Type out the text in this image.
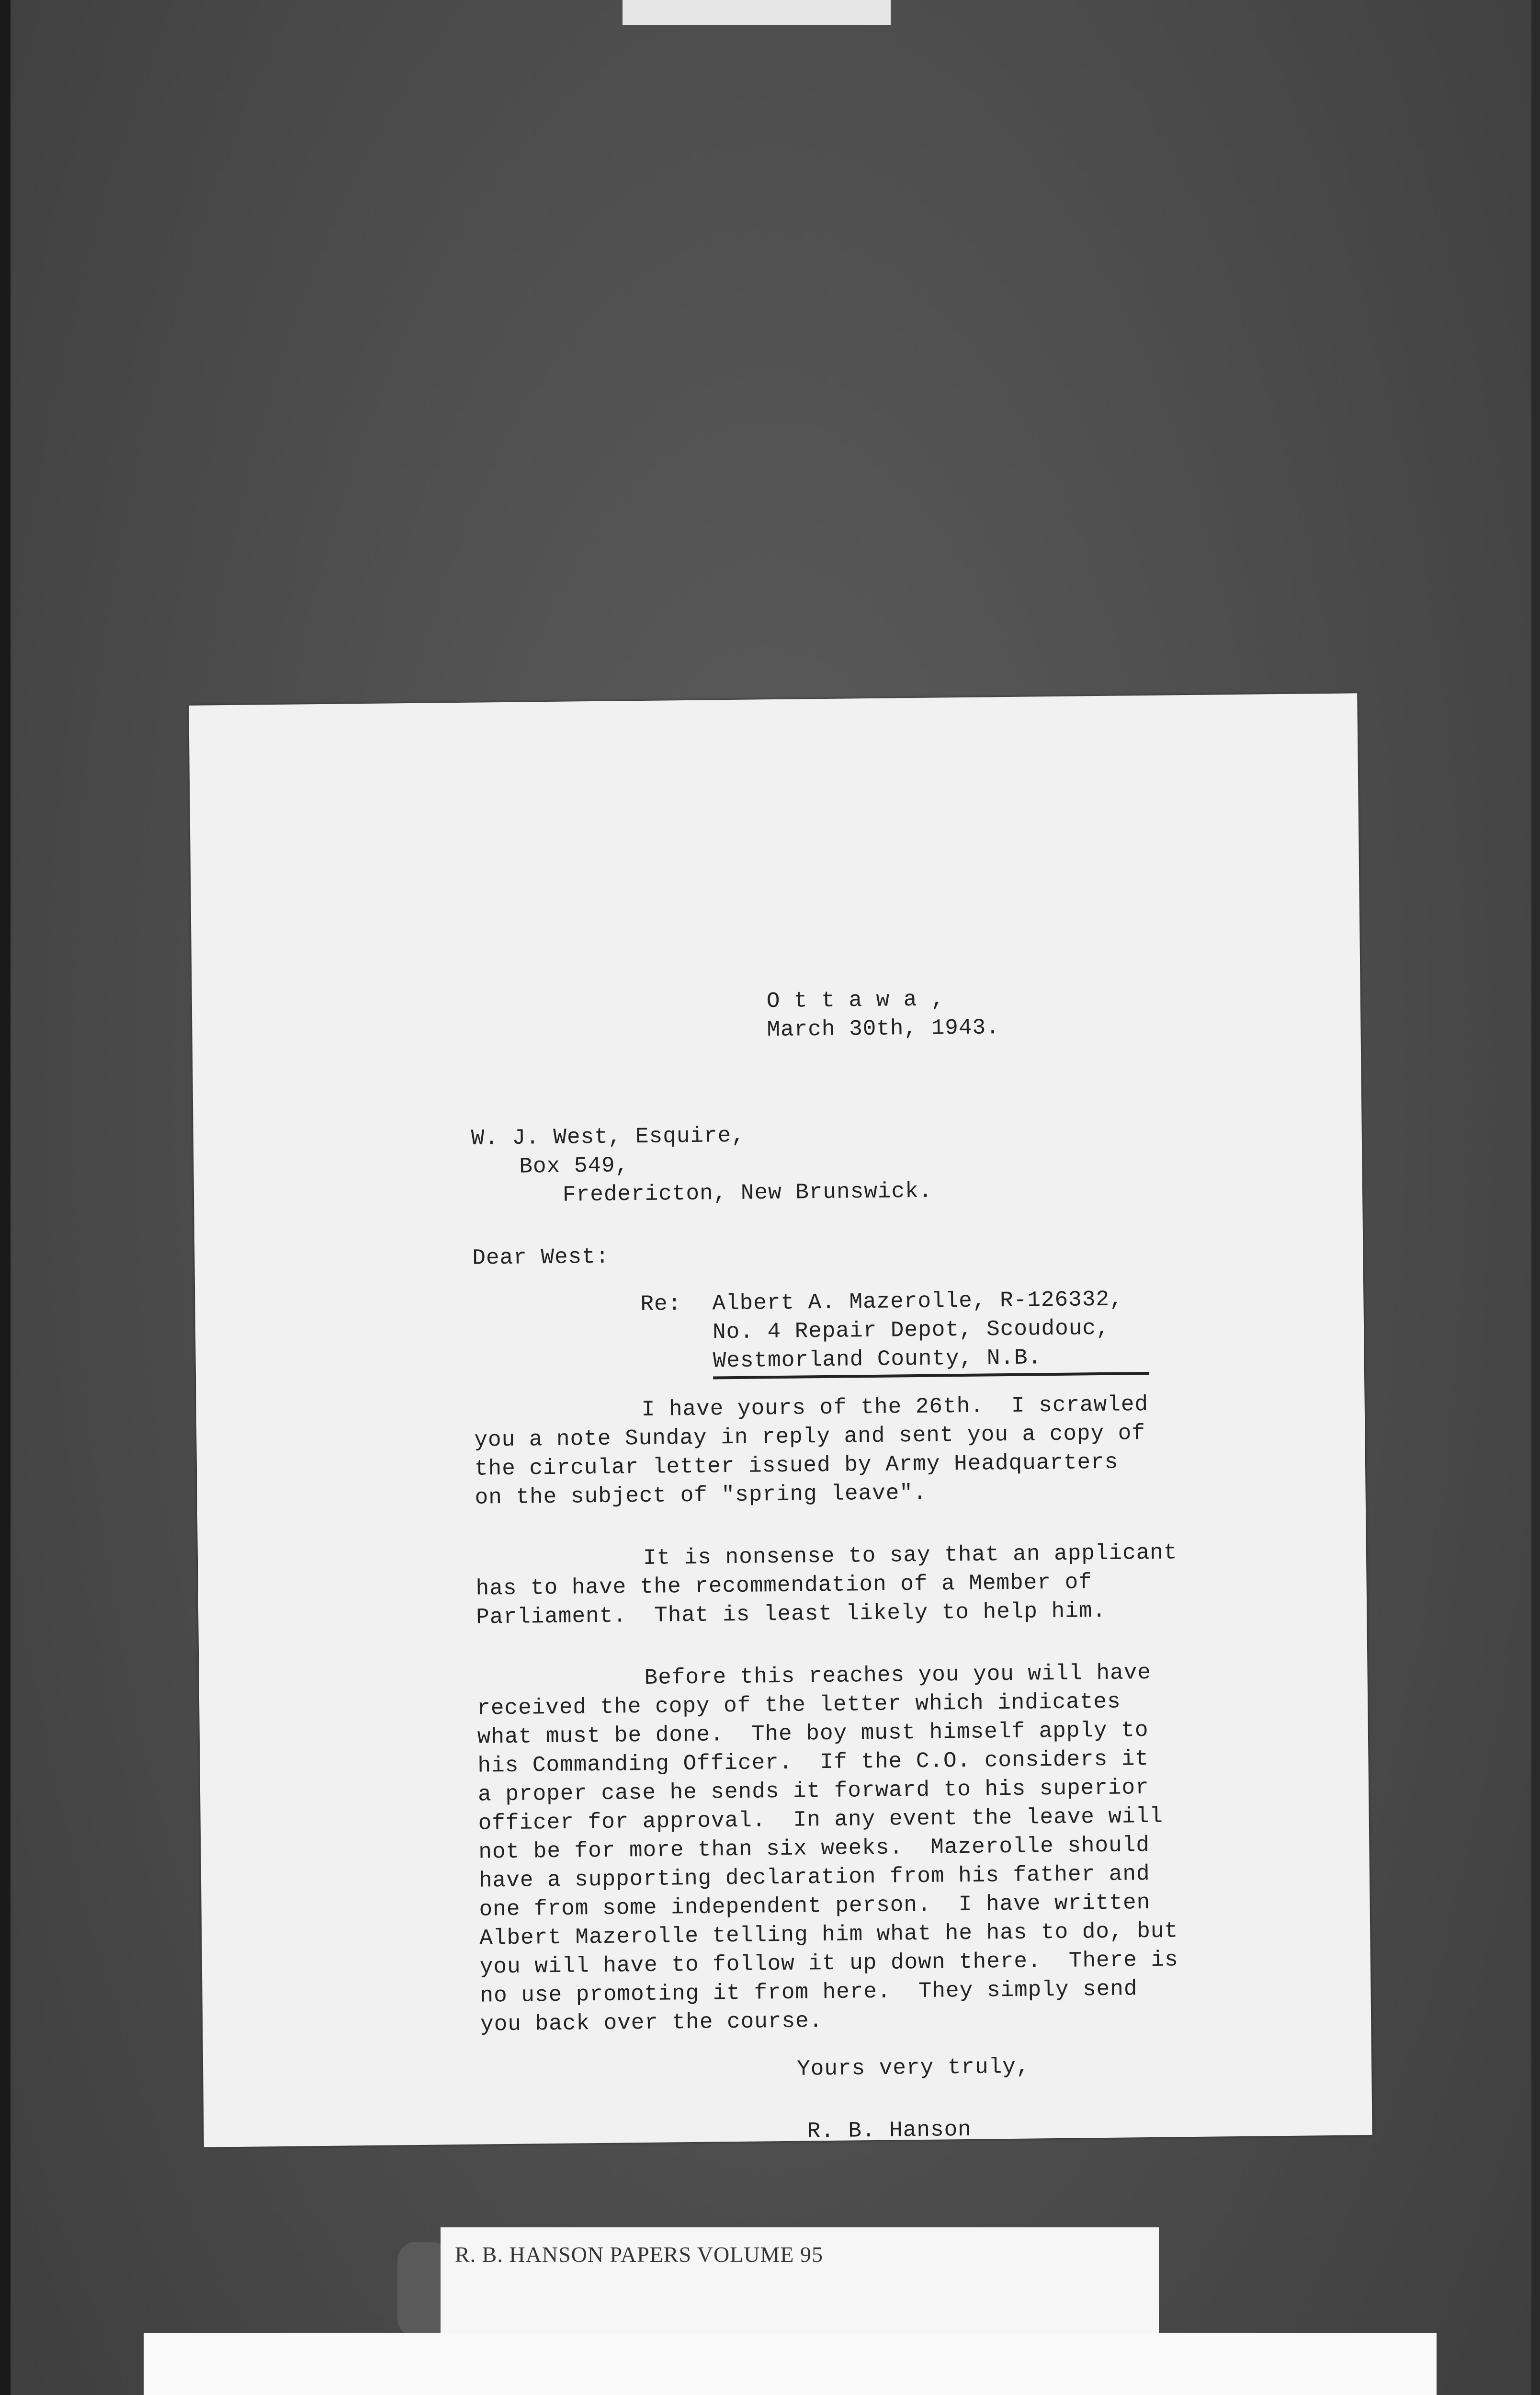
O t t a w a ,
March 30th, 1943.
W. J. West, Esquire,
Box 549,
Fredericton, New Brunswick.
Dear West:
Re: Albert A. Mazerolle, R-126332,
No. 4 Repair Depot, Scoudouc,
Westmorland County, N.B.
I have yours of the 26th.  I scrawled
you a note Sunday in reply and sent you a copy of
the circular letter issued by Army Headquarters
on the subject of "spring leave".
It is nonsense to say that an applicant
has to have the recommendation of a Member of
Parliament.  That is least likely to help him.
Before this reaches you you will have
received the copy of the letter which indicates
what must be done.  The boy must himself apply to
his Commanding Officer.  If the C.O. considers it
a proper case he sends it forward to his superior
officer for approval.  In any event the leave will
not be for more than six weeks.  Mazerolle should
have a supporting declaration from his father and
one from some independent person.  I have written
Albert Mazerolle telling him what he has to do, but
you will have to follow it up down there.  There is
no use promoting it from here.  They simply send
you back over the course.
Yours very truly,
R. B. Hanson
R. B. HANSON PAPERS VOLUME 95
